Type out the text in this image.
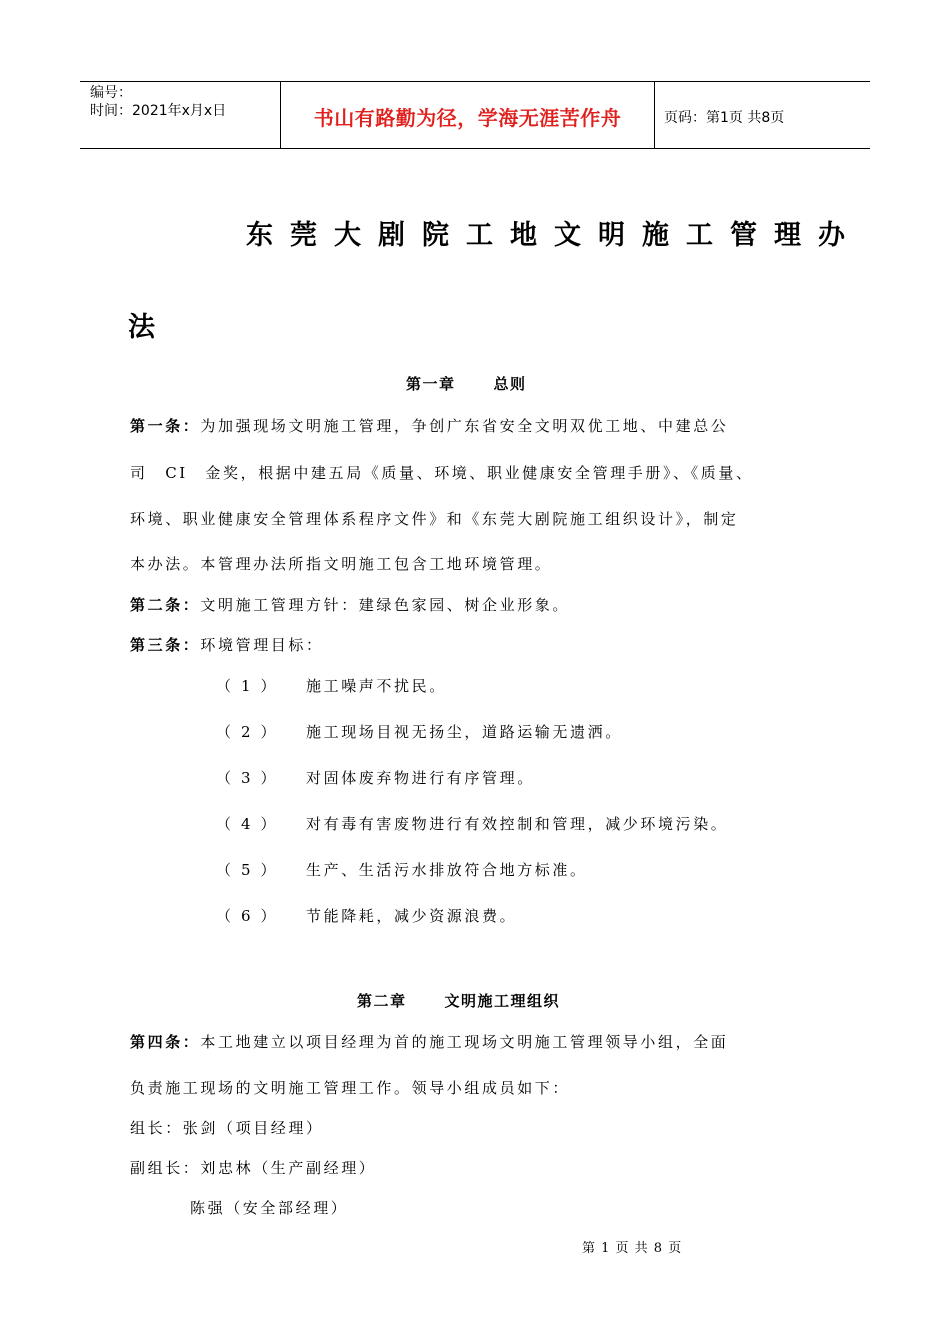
编号：
时间：2021年x月x日	书山有路勤为径，学海无涯苦作舟	页码：第1页 共8页
东莞大剧院工地文明施工管理办
法
第一章	总则
第一条：为加强现场文明施工管理，争创广东省安全文明双优工地、中建总公
司　CI　金奖，根据中建五局《质量、环境、职业健康安全管理手册》、《质量、
环境、职业健康安全管理体系程序文件》和《东莞大剧院施工组织设计》，制定
本办法。本管理办法所指文明施工包含工地环境管理。
第二条：文明施工管理方针：建绿色家园、树企业形象。
第三条：环境管理目标：
（ 1 ） 施工噪声不扰民。
（ 2 ） 施工现场目视无扬尘，道路运输无遗洒。
（ 3 ） 对固体废弃物进行有序管理。
（ 4 ） 对有毒有害废物进行有效控制和管理，减少环境污染。
（ 5 ） 生产、生活污水排放符合地方标准。
（ 6 ） 节能降耗，减少资源浪费。
第二章	文明施工理组织
第四条：本工地建立以项目经理为首的施工现场文明施工管理领导小组，全面
负责施工现场的文明施工管理工作。领导小组成员如下：
组长：张剑（项目经理）
副组长：刘忠林（生产副经理）
陈强（安全部经理）
第 1 页 共 8 页
